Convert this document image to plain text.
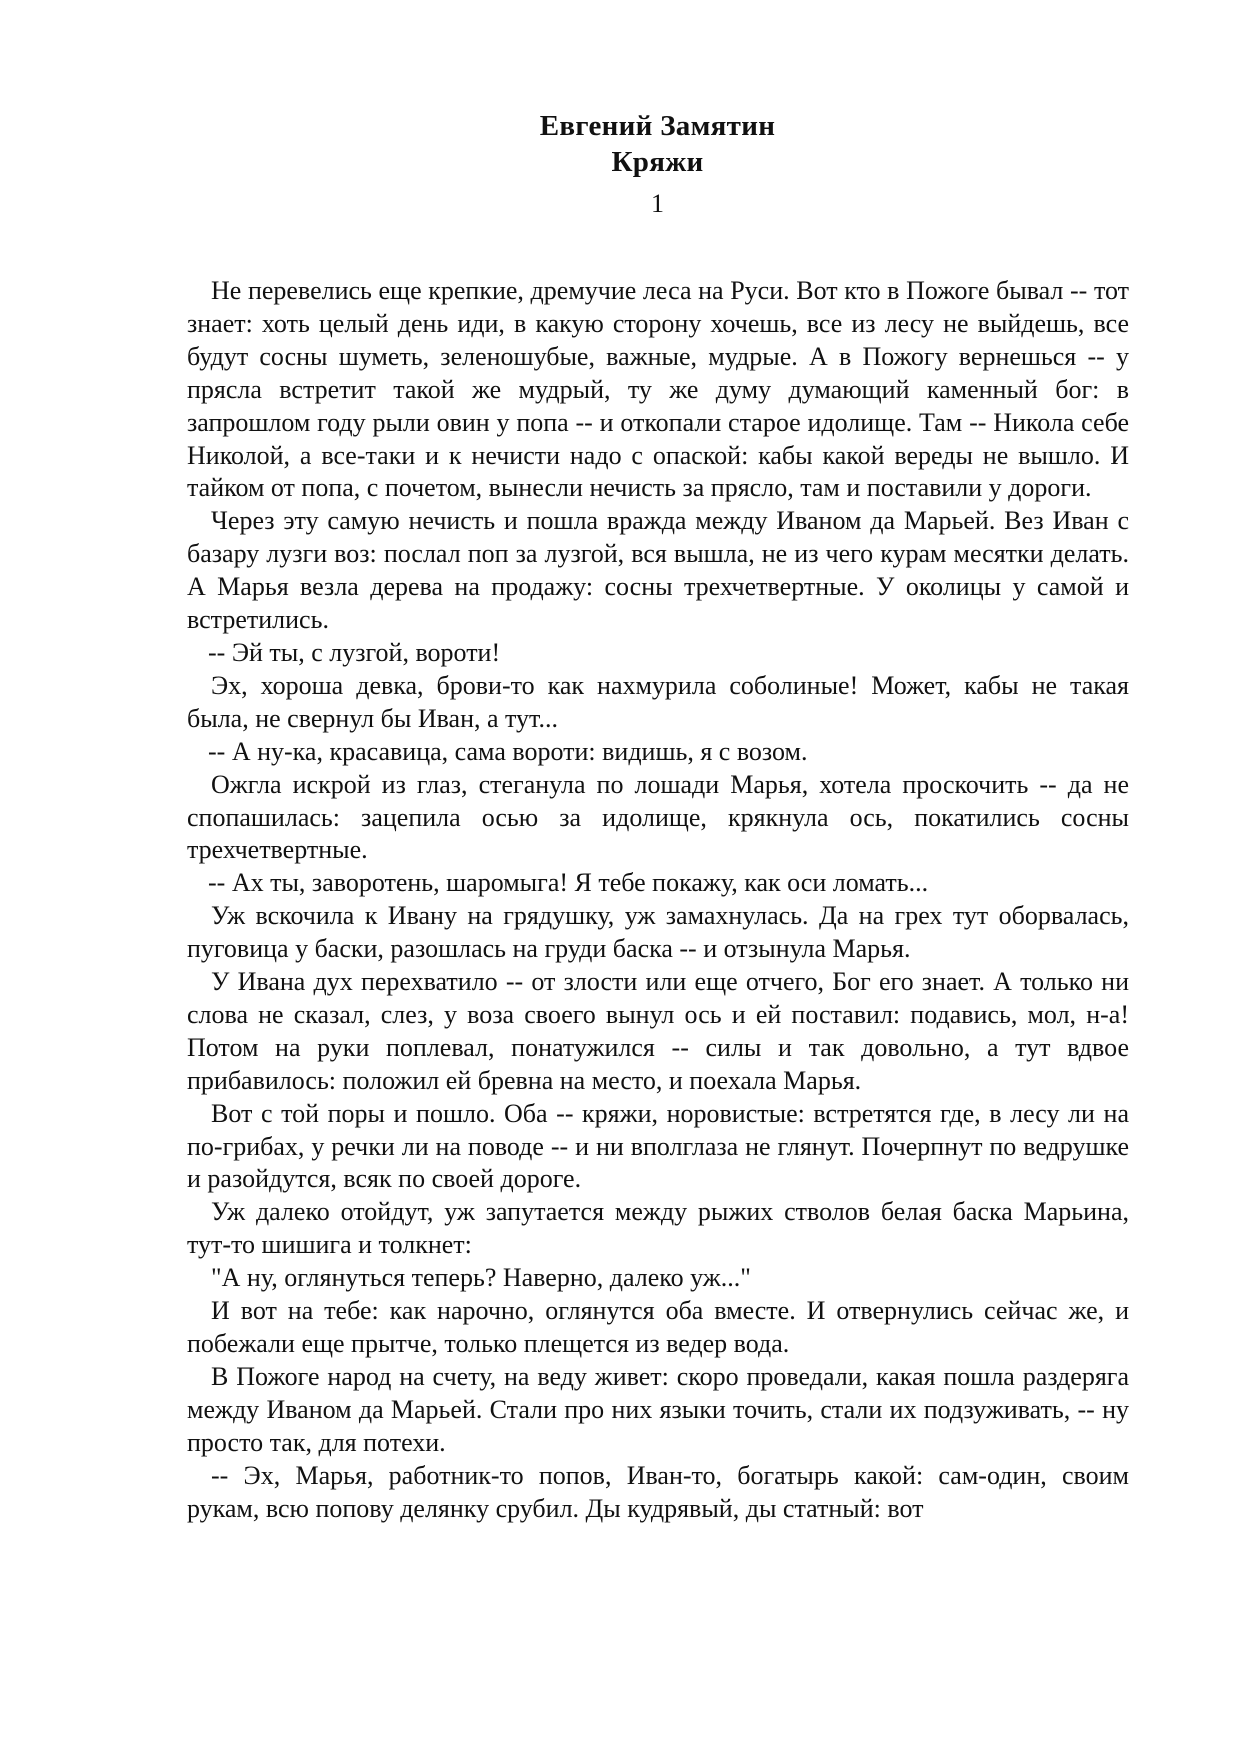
Евгений Замятин
Кряжи
1

Не перевелись еще крепкие, дремучие леса на Руси. Вот кто в Пожоге бывал -- тот знает: хоть целый день иди, в какую сторону хочешь, все из лесу не выйдешь, все будут сосны шуметь, зеленошубые, важные, мудрые. А в Пожогу вернешься -- у прясла встретит такой же мудрый, ту же думу думающий каменный бог: в запрошлом году рыли овин у попа -- и откопали старое идолище. Там -- Никола себе Николой, а все-таки и к нечисти надо с опаской: кабы какой вереды не вышло. И тайком от попа, с почетом, вынесли нечисть за прясло, там и поставили у дороги.

Через эту самую нечисть и пошла вражда между Иваном да Марьей. Вез Иван с базару лузги воз: послал поп за лузгой, вся вышла, не из чего курам месятки делать. А Марья везла дерева на продажу: сосны трехчетвертные. У околицы у самой и встретились.

-- Эй ты, с лузгой, вороти!

Эх, хороша девка, брови-то как нахмурила соболиные! Может, кабы не такая была, не свернул бы Иван, а тут...

-- А ну-ка, красавица, сама вороти: видишь, я с возом.

Ожгла искрой из глаз, стеганула по лошади Марья, хотела проскочить -- да не спопашилась: зацепила осью за идолище, крякнула ось, покатились сосны трехчетвертные.

-- Ах ты, заворотень, шаромыга! Я тебе покажу, как оси ломать...

Уж вскочила к Ивану на грядушку, уж замахнулась. Да на грех тут оборвалась, пуговица у баски, разошлась на груди баска -- и отзынула Марья.

У Ивана дух перехватило -- от злости или еще отчего, Бог его знает. А только ни слова не сказал, слез, у воза своего вынул ось и ей поставил: подавись, мол, н-а! Потом на руки поплевал, понатужился -- силы и так довольно, а тут вдвое прибавилось: положил ей бревна на место, и поехала Марья.

Вот с той поры и пошло. Оба -- кряжи, норовистые: встретятся где, в лесу ли на по-грибах, у речки ли на поводе -- и ни вполглаза не глянут. Почерпнут по ведрушке и разойдутся, всяк по своей дороге.

Уж далеко отойдут, уж запутается между рыжих стволов белая баска Марьина, тут-то шишига и толкнет:

"А ну, оглянуться теперь? Наверно, далеко уж..."

И вот на тебе: как нарочно, оглянутся оба вместе. И отвернулись сейчас же, и побежали еще прытче, только плещется из ведер вода.

В Пожоге народ на счету, на веду живет: скоро проведали, какая пошла раздеряга между Иваном да Марьей. Стали про них языки точить, стали их подзуживать, -- ну просто так, для потехи.

-- Эх, Марья, работник-то попов, Иван-то, богатырь какой: сам-один, своим рукам, всю попову делянку срубил. Ды кудрявый, ды статный: вот
